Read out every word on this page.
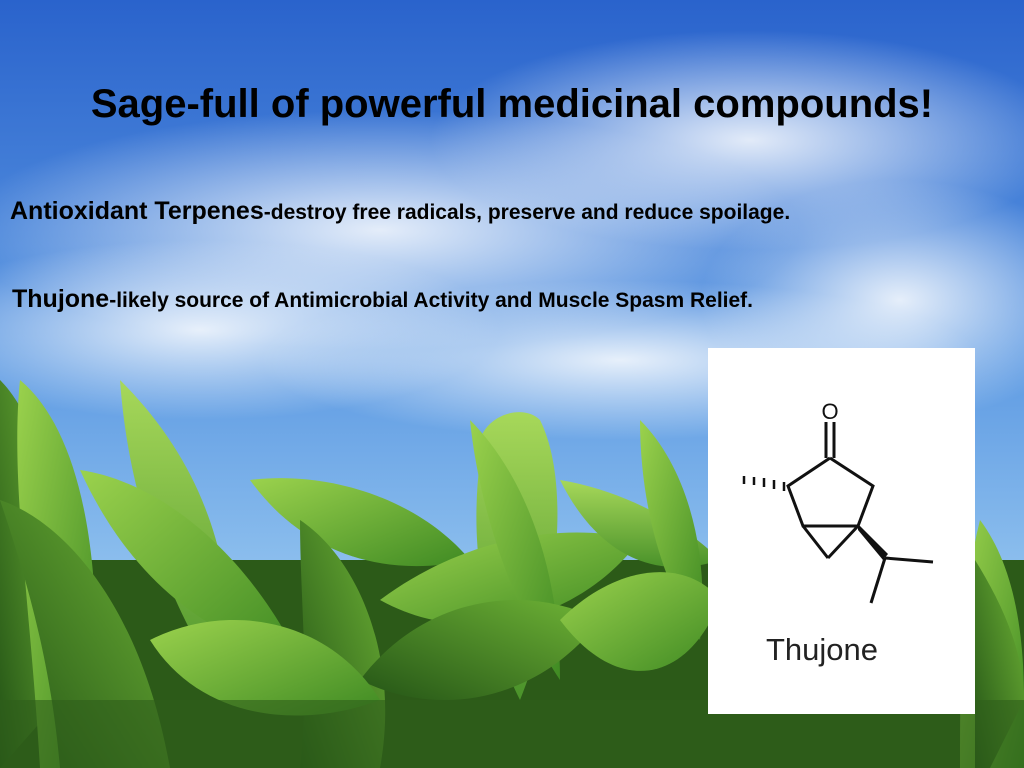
Sage-full of powerful medicinal compounds!
Antioxidant Terpenes-destroy free radicals, preserve and reduce spoilage.
Thujone-likely source of Antimicrobial Activity and Muscle Spasm Relief.
O
Thujone
